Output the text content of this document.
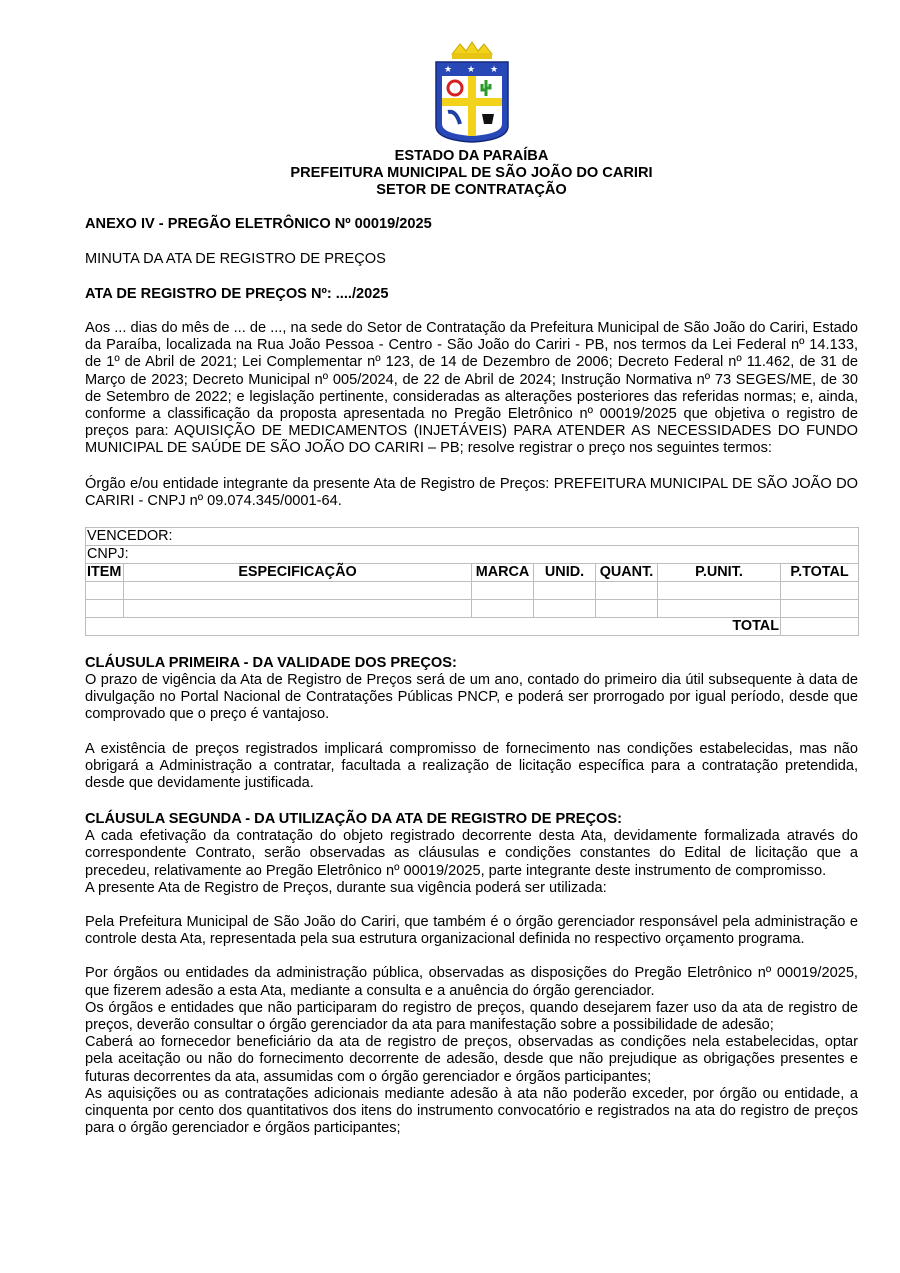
★ ★ ★
ESTADO DA PARAÍBA
PREFEITURA MUNICIPAL DE SÃO JOÃO DO CARIRI
SETOR DE CONTRATAÇÃO
ANEXO IV - PREGÃO ELETRÔNICO Nº 00019/2025
MINUTA DA ATA DE REGISTRO DE PREÇOS
ATA DE REGISTRO DE PREÇOS Nº: ..../2025

Aos ... dias do mês de ... de ..., na sede do Setor de Contratação da Prefeitura Municipal de São João do Cariri, Estado da Paraíba, localizada na Rua João Pessoa - Centro - São João do Cariri - PB, nos termos da Lei Federal nº 14.133, de 1º de Abril de 2021; Lei Complementar nº 123, de 14 de Dezembro de 2006; Decreto Federal nº 11.462, de 31 de Março de 2023; Decreto Municipal nº 005/2024, de 22 de Abril de 2024; Instrução Normativa nº 73 SEGES/ME, de 30 de Setembro de 2022; e legislação pertinente, consideradas as alterações posteriores das referidas normas; e, ainda, conforme a classificação da proposta apresentada no Pregão Eletrônico nº 00019/2025 que objetiva o registro de preços para: AQUISIÇÃO DE MEDICAMENTOS (INJETÁVEIS) PARA ATENDER AS NECESSIDADES DO FUNDO MUNICIPAL DE SAÚDE DE SÃO JOÃO DO CARIRI – PB; resolve registrar o preço nos seguintes termos:

Órgão e/ou entidade integrante da presente Ata de Registro de Preços: PREFEITURA MUNICIPAL DE SÃO JOÃO DO CARIRI - CNPJ nº 09.074.345/0001-64.

VENCEDOR:						
CNPJ:						
ITEM	ESPECIFICAÇÃO	MARCA	UNID.	QUANT.	P.UNIT.	P.TOTAL

TOTAL						
CLÁUSULA PRIMEIRA - DA VALIDADE DOS PREÇOS:

O prazo de vigência da Ata de Registro de Preços será de um ano, contado do primeiro dia útil subsequente à data de divulgação no Portal Nacional de Contratações Públicas PNCP, e poderá ser prorrogado por igual período, desde que comprovado que o preço é vantajoso.

A existência de preços registrados implicará compromisso de fornecimento nas condições estabelecidas, mas não obrigará a Administração a contratar, facultada a realização de licitação específica para a contratação pretendida, desde que devidamente justificada.

CLÁUSULA SEGUNDA - DA UTILIZAÇÃO DA ATA DE REGISTRO DE PREÇOS:

A cada efetivação da contratação do objeto registrado decorrente desta Ata, devidamente formalizada através do correspondente Contrato, serão observadas as cláusulas e condições constantes do Edital de licitação que a precedeu, relativamente ao Pregão Eletrônico nº 00019/2025, parte integrante deste instrumento de compromisso.

A presente Ata de Registro de Preços, durante sua vigência poderá ser utilizada:

Pela Prefeitura Municipal de São João do Cariri, que também é o órgão gerenciador responsável pela administração e controle desta Ata, representada pela sua estrutura organizacional definida no respectivo orçamento programa.

Por órgãos ou entidades da administração pública, observadas as disposições do Pregão Eletrônico nº 00019/2025, que fizerem adesão a esta Ata, mediante a consulta e a anuência do órgão gerenciador.

Os órgãos e entidades que não participaram do registro de preços, quando desejarem fazer uso da ata de registro de preços, deverão consultar o órgão gerenciador da ata para manifestação sobre a possibilidade de adesão;

Caberá ao fornecedor beneficiário da ata de registro de preços, observadas as condições nela estabelecidas, optar pela aceitação ou não do fornecimento decorrente de adesão, desde que não prejudique as obrigações presentes e futuras decorrentes da ata, assumidas com o órgão gerenciador e órgãos participantes;

As aquisições ou as contratações adicionais mediante adesão à ata não poderão exceder, por órgão ou entidade, a cinquenta por cento dos quantitativos dos itens do instrumento convocatório e registrados na ata do registro de preços para o órgão gerenciador e órgãos participantes;
